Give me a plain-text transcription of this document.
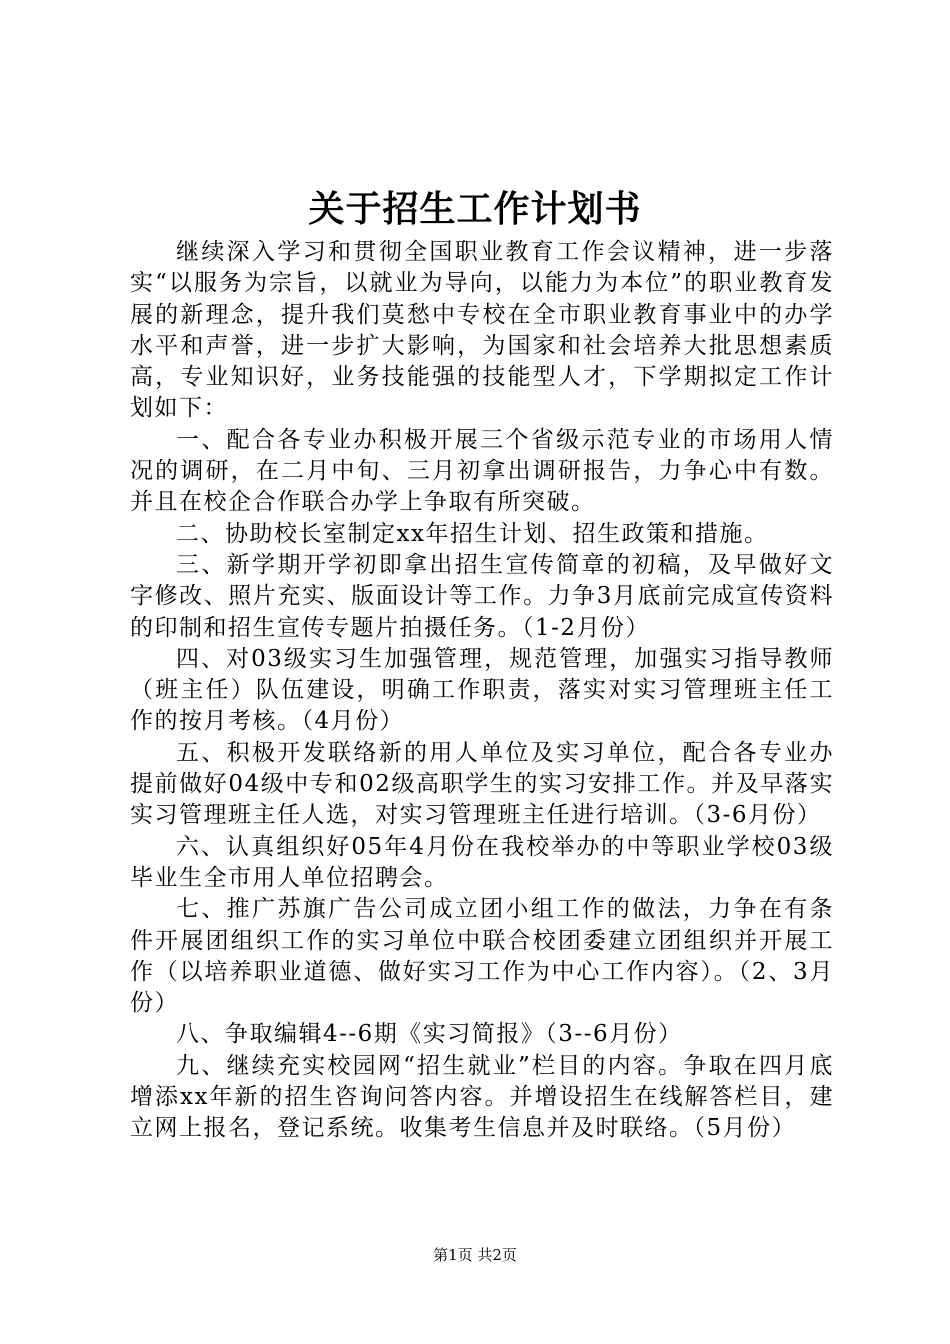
关于招生工作计划书

继续深入学习和贯彻全国职业教育工作会议精神，进一步落实“以服务为宗旨，以就业为导向，以能力为本位”的职业教育发展的新理念，提升我们莫愁中专校在全市职业教育事业中的办学水平和声誉，进一步扩大影响，为国家和社会培养大批思想素质高，专业知识好，业务技能强的技能型人才，下学期拟定工作计划如下：

一、配合各专业办积极开展三个省级示范专业的市场用人情况的调研，在二月中旬、三月初拿出调研报告，力争心中有数。并且在校企合作联合办学上争取有所突破。

二、协助校长室制定xx年招生计划、招生政策和措施。

三、新学期开学初即拿出招生宣传简章的初稿，及早做好文字修改、照片充实、版面设计等工作。力争3月底前完成宣传资料的印制和招生宣传专题片拍摄任务。（1-2月份）

四、对03级实习生加强管理，规范管理，加强实习指导教师（班主任）队伍建设，明确工作职责，落实对实习管理班主任工作的按月考核。（4月份）

五、积极开发联络新的用人单位及实习单位，配合各专业办提前做好04级中专和02级高职学生的实习安排工作。并及早落实实习管理班主任人选，对实习管理班主任进行培训。（3-6月份）

六、认真组织好05年4月份在我校举办的中等职业学校03级毕业生全市用人单位招聘会。

七、推广苏旗广告公司成立团小组工作的做法，力争在有条件开展团组织工作的实习单位中联合校团委建立团组织并开展工作（以培养职业道德、做好实习工作为中心工作内容）。（2、3月份）

八、争取编辑4--6期《实习简报》（3--6月份）

九、继续充实校园网“招生就业”栏目的内容。争取在四月底增添xx年新的招生咨询问答内容。并增设招生在线解答栏目，建立网上报名，登记系统。收集考生信息并及时联络。（5月份）

第1页 共2页
